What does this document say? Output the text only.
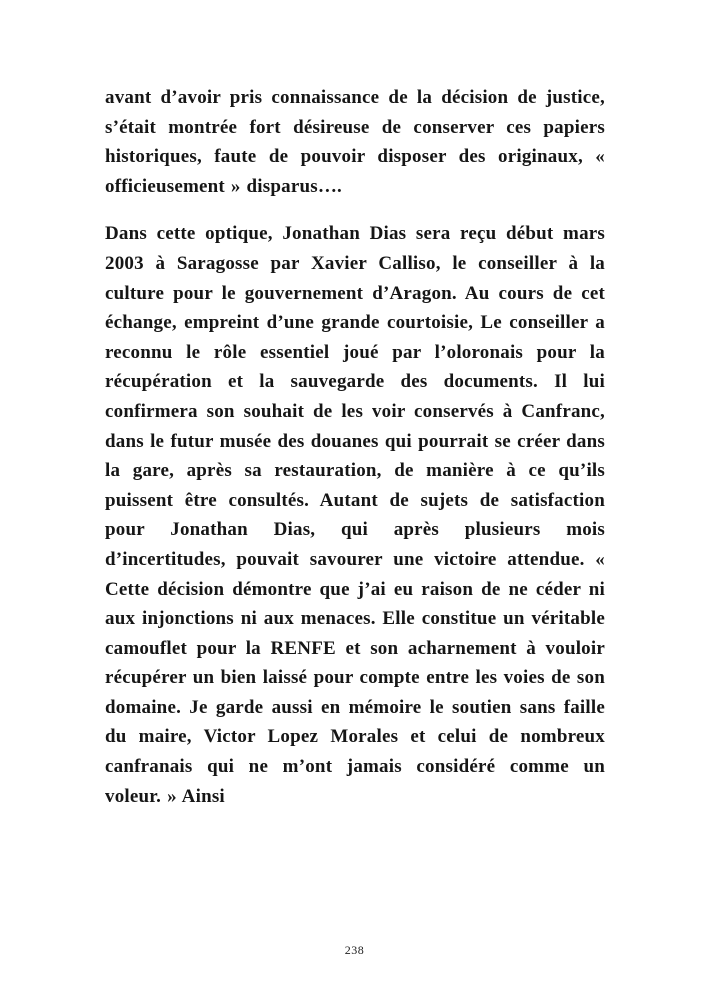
avant d’avoir pris connaissance de la décision de justice, s’était montrée fort désireuse de conserver ces papiers historiques, faute de pouvoir disposer des originaux, « officieusement » disparus….

Dans cette optique, Jonathan Dias sera reçu début mars 2003 à Saragosse par Xavier Calliso, le conseiller à la culture pour le gouvernement d’Aragon. Au cours de cet échange, empreint d’une grande courtoisie, Le conseiller a reconnu le rôle essentiel joué par l’oloronais pour la récupération et la sauvegarde des documents. Il lui confirmera son souhait de les voir conservés à Canfranc, dans le futur musée des douanes qui pourrait se créer dans la gare, après sa restauration, de manière à ce qu’ils puissent être consultés. Autant de sujets de satisfaction pour Jonathan Dias, qui après plusieurs mois d’incertitudes, pouvait savourer une victoire attendue. « Cette décision démontre que j’ai eu raison de ne céder ni aux injonctions ni aux menaces. Elle constitue un véritable camouflet pour la RENFE et son acharnement à vouloir récupérer un bien laissé pour compte entre les voies de son domaine. Je garde aussi en mémoire le soutien sans faille du maire, Victor Lopez Morales et celui de nombreux canfranais qui ne m’ont jamais considéré comme un voleur. » Ainsi

238
